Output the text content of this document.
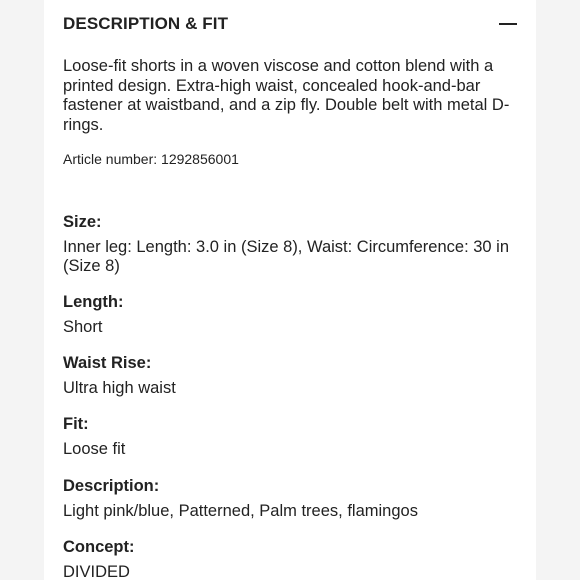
DESCRIPTION & FIT

Loose-fit shorts in a woven viscose and cotton blend with a printed design. Extra-high waist, concealed hook-and-bar fastener at waistband, and a zip fly. Double belt with metal D-rings.

Article number: 1292856001
Size:
Inner leg: Length: 3.0 in (Size 8), Waist: Circumference: 30 in (Size 8)
Length:
Short
Waist Rise:
Ultra high waist
Fit:
Loose fit
Description:
Light pink/blue, Patterned, Palm trees, flamingos
Concept:
DIVIDED
